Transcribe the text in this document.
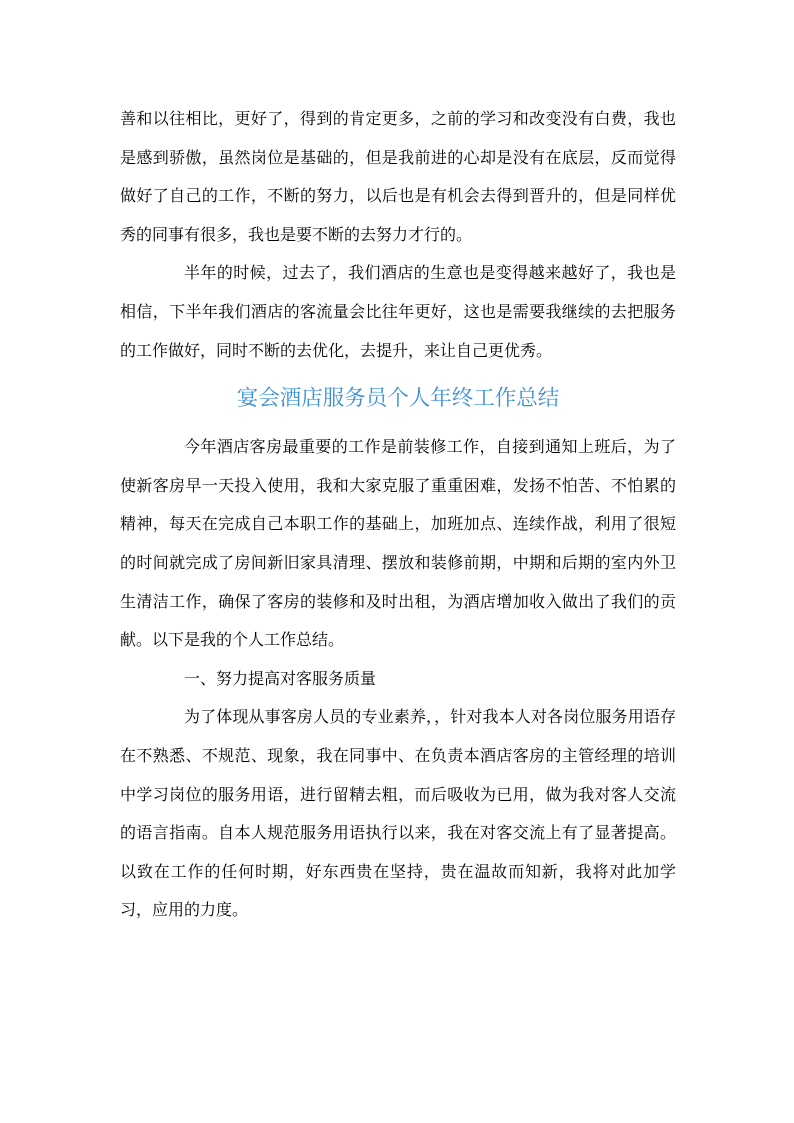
善和以往相比，更好了，得到的肯定更多，之前的学习和改变没有白费，我也是感到骄傲，虽然岗位是基础的，但是我前进的心却是没有在底层，反而觉得做好了自己的工作，不断的努力，以后也是有机会去得到晋升的，但是同样优秀的同事有很多，我也是要不断的去努力才行的。

半年的时候，过去了，我们酒店的生意也是变得越来越好了，我也是相信，下半年我们酒店的客流量会比往年更好，这也是需要我继续的去把服务的工作做好，同时不断的去优化，去提升，来让自己更优秀。

宴会酒店服务员个人年终工作总结

今年酒店客房最重要的工作是前装修工作，自接到通知上班后，为了使新客房早一天投入使用，我和大家克服了重重困难，发扬不怕苦、不怕累的精神，每天在完成自己本职工作的基础上，加班加点、连续作战，利用了很短的时间就完成了房间新旧家具清理、摆放和装修前期，中期和后期的室内外卫生清洁工作，确保了客房的装修和及时出租，为酒店增加收入做出了我们的贡献。以下是我的个人工作总结。

一、努力提高对客服务质量

为了体现从事客房人员的专业素养，，针对我本人对各岗位服务用语存在不熟悉、不规范、现象，我在同事中、在负责本酒店客房的主管经理的培训中学习岗位的服务用语，进行留精去粗，而后吸收为已用，做为我对客人交流的语言指南。自本人规范服务用语执行以来，我在对客交流上有了显著提高。以致在工作的任何时期，好东西贵在坚持，贵在温故而知新，我将对此加学习，应用的力度。
